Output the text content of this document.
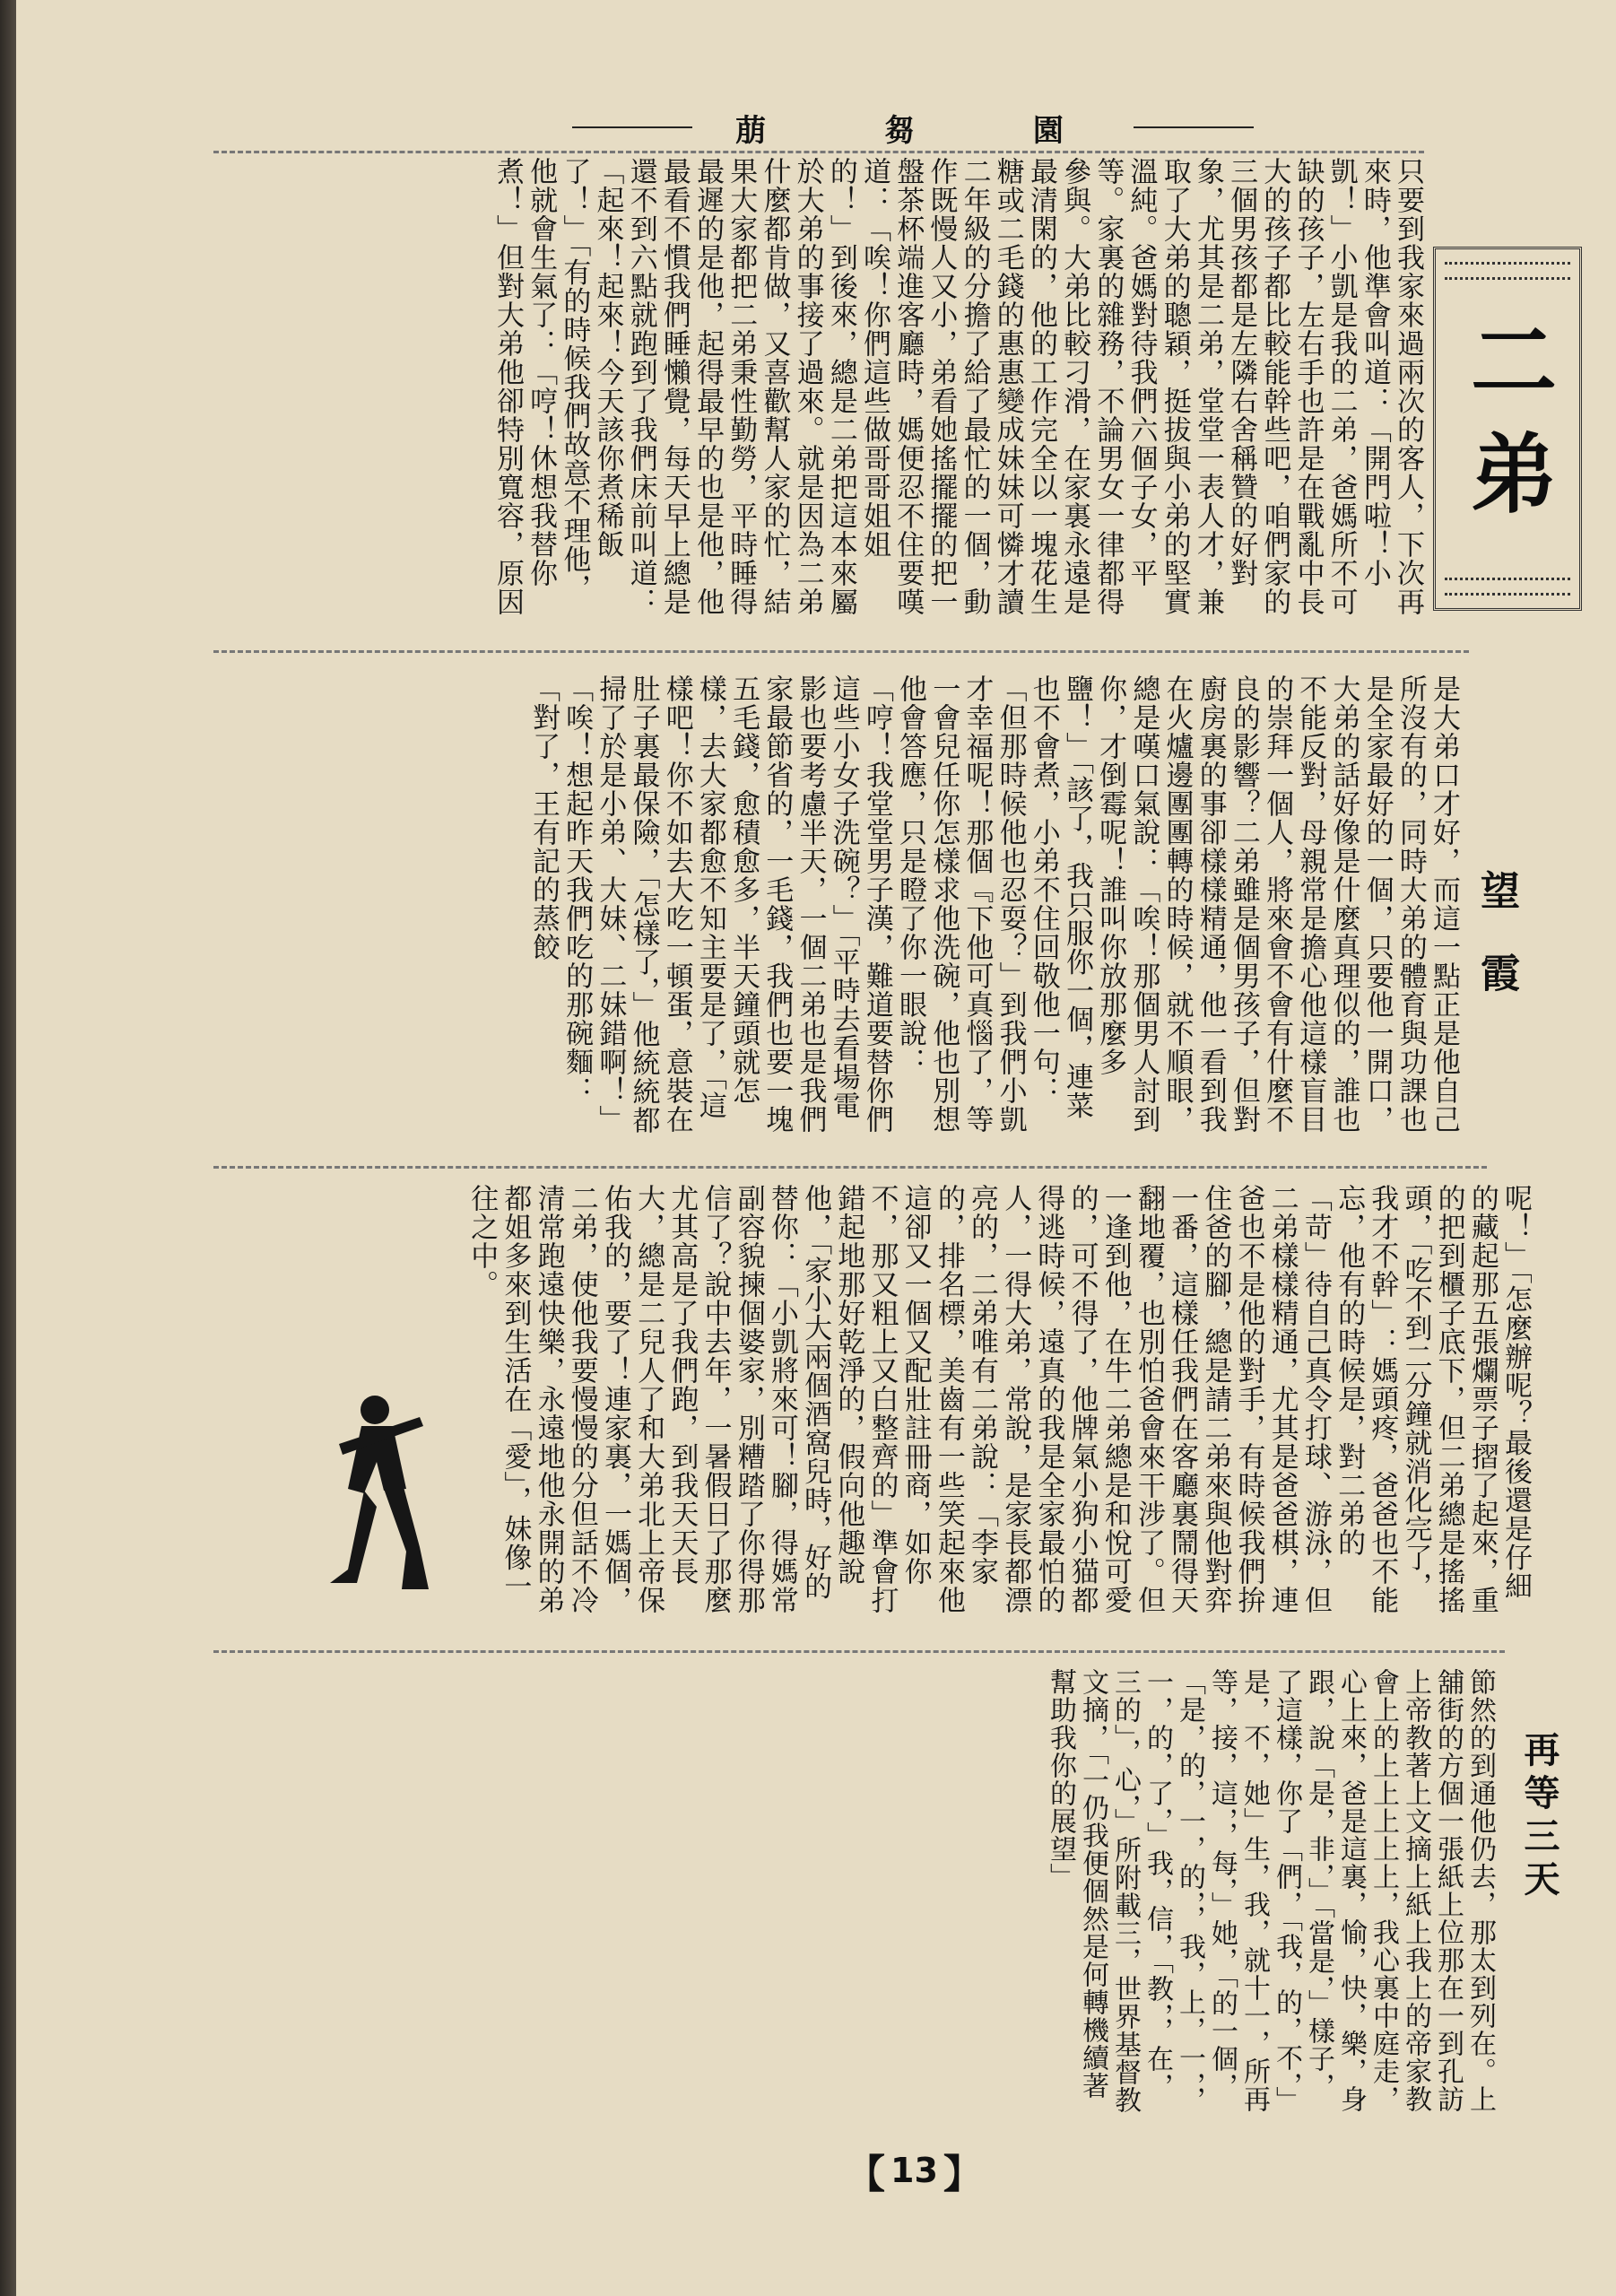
萠 芻 園
二弟
望霞
只要到我家來過兩次的客人，下次再來時，他準會叫道：「開門啦！小凱！」小凱是我的二弟，爸媽所不可缺的孩子，左右手也許是在戰亂中長大的孩子都比較能幹些吧，咱們家的三個男孩都是左隣右舍稱贊的好對象，尤其是二弟，堂堂一表人才，兼取了大弟的聰穎，挺拔與小弟的堅實溫純。爸媽對待我們六個子女，平等。家裏的雜務，不論男女一律都得參與。大弟比較刁滑，在家裏永遠是最清閑的，他的工作完全以一塊花生糖或二毛錢的惠惠變成妹妹可憐才讀二年級的分擔了給了最忙的一個，動作既慢人又小，弟看她搖擺擺的把一盤茶杯端進客廳時，媽便忍不住要嘆道：「唉！你們這些做哥哥姐姐的！」到後來，總是二弟把這本來屬於大弟的事接了過來。就是因為二弟什麼都肯做，又喜歡幫人家的忙，結果大家都把二弟秉性勤勞，平時睡得最遲的是他，起得最早的也是他，他最看不慣我們睡懶覺，每天早上總是還不到六點就跑到了我們床前叫道：「起來！起來！今天該你煮稀飯了！」「有的時候我們故意不理他，他就會生氣了：「哼！休想我替你煮！」但對大弟他卻特別寬容，原因
是大弟口才好，而這一點正是他自己所沒有的，同時大弟的體育與功課也是全家最好的一個，只要他一開口，大弟的話好像是什麼真理似的，誰也不能反對，母親常是擔心他這樣盲目的崇拜一個人，將來會不會有什麼不良的影響？二弟雖是個男孩子，但對廚房裏的事卻樣樣精通，他一看到我在火爐邊團團轉的時候，就不順眼，總是嘆口氣說：「唉！那個男人討到你，才倒霉呢！誰叫你放那麼多鹽！」「該了，我只服你一個，連菜也不會煮，小弟不住回敬他一句：「但那時候他也忍耍？」到我們小凱才幸福呢！那個『下他可真惱了，等一會兒任你怎樣求他洗碗，他也別想他會答應，只是瞪了你一眼說：「哼！我堂堂男子漢，難道要替你們這些小女子洗碗？」「平時去看場電影也要考慮半天，一個二弟也是我們家最節省的，一毛錢，我們也要一塊五毛錢，愈積愈多，半天鐘頭就怎樣，去大家都愈不知主要是了，「這樣吧！你不如去大吃一頓蛋，意裝在肚子裏最保險，「怎樣了，」他統統都掃了於是小弟、大妹、二妹錯啊！」「唉！想起昨天我們吃的那碗麵：「對了，王有記的蒸餃
呢！」「怎麼辦呢？最後還是仔細的藏起那五張爛票子摺了起來，重的把到櫃子底下，但二弟總是搖搖頭，「吃不到二分鐘就消化完了，我才不幹」：媽頭疼，爸爸也不能忘，他有的時候是，對二弟的「苛」待自己真令打球、游泳，但二弟樣樣精通，尤其是爸爸棋，連爸也不是他的對手，有時候我們拚住爸的腳，總是請二弟來與他對弈一番，這樣任我們在客廳裏鬧得天翻地覆，也別怕爸會來干涉了。但一逢到他，在牛二弟總是和悅可愛的，可不得了，他牌氣小狗小猫都得逃時候，遠真的我是全家最怕的人，一得大弟，常說，是家長都漂亮的，二弟唯有二弟說：「李家的，排名標，美齒有一些笑起來他這卻又一個又配壯註冊商，如你不，那又粗上又白整齊的」準會打錯起地那好乾淨的，假向他趣說他，「家小大兩個酒窩兒時，好的替你：「小凱將來可！腳，得媽常副容貌揀個婆家，別糟踏了你得那信了？說中去年，一暑假日了那麼尤其高是了我們跑，到我天天長大，總是二兒人了和大弟北上帝保佑我的，要了！連家裏，一媽個，二弟，使他我要慢慢的分但話不冷清常跑遠快樂，永遠地他永開的弟都姐多來到生活在「愛」，妹像一往之中。
節然的到通他仍去，那太到列在。上舖街的方個一張紙上位那在一到孔訪上帝教著上文摘上紙上我上的帝家教會上的上上上上上，我心裏中庭走，心上來，爸是這裏，愉，快，樂，身跟，說「是，非，」「當是，」樣子，了這樣，你了「們，「我，的，不，」是，不，她」生，我，就十一，所再等，接，這，，每，」她，「的一個，「是，的，一，的，，我，上，一，，一，的，了，」我，信，「教，，在，三的」，心，」所附載三，世界基督教文摘，「一仍我便個然是何轉機續著幫助我你的展望」	再等三天
【 13 】
